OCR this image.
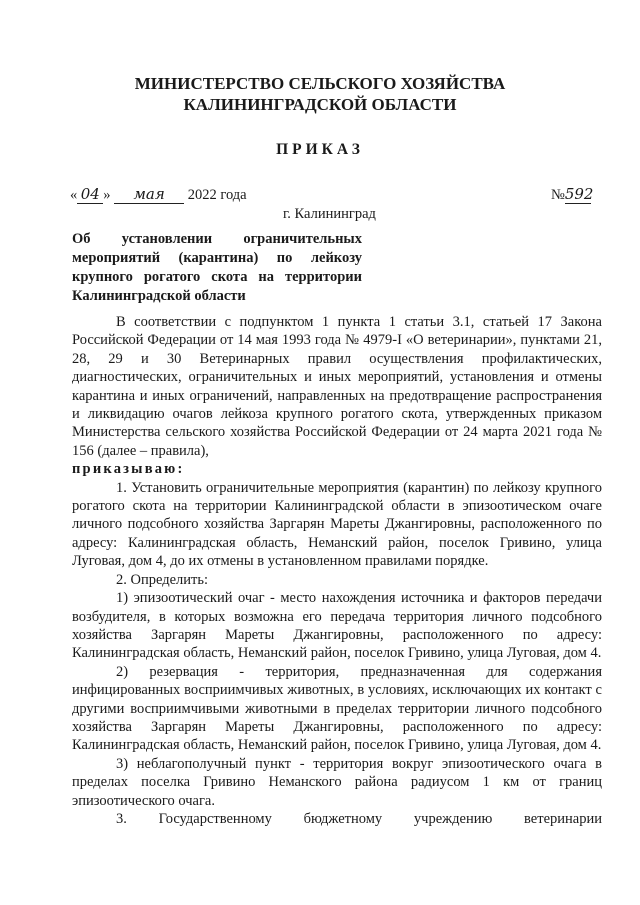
МИНИСТЕРСТВО СЕЛЬСКОГО ХОЗЯЙСТВА
КАЛИНИНГРАДСКОЙ ОБЛАСТИ
ПРИКАЗ
« 04 » мая 2022 года	№592
г. Калининград
Об установлении ограничительных мероприятий (карантина) по лейкозу крупного рогатого скота на территории Калининградской области

В соответствии с подпунктом 1 пункта 1 статьи 3.1, статьей 17 Закона Российской Федерации от 14 мая 1993 года № 4979-I «О ветеринарии», пунктами 21, 28, 29 и 30 Ветеринарных правил осуществления профилактических, диагностических, ограничительных и иных мероприятий, установления и отмены карантина и иных ограничений, направленных на предотвращение распространения и ликвидацию очагов лейкоза крупного рогатого скота, утвержденных приказом Министерства сельского хозяйства Российской Федерации от 24 марта 2021 года № 156 (далее – правила),

приказываю:

1. Установить ограничительные мероприятия (карантин) по лейкозу крупного рогатого скота на территории Калининградской области в эпизоотическом очаге личного подсобного хозяйства Заргарян Мареты Джангировны, расположенного по адресу: Калининградская область, Неманский район, поселок Гривино, улица Луговая, дом 4, до их отмены в установленном правилами порядке.

2. Определить:

1) эпизоотический очаг - место нахождения источника и факторов передачи возбудителя, в которых возможна его передача территория личного подсобного хозяйства Заргарян Мареты Джангировны, расположенного по адресу: Калининградская область, Неманский район, поселок Гривино, улица Луговая, дом 4.

2) резервация - территория, предназначенная для содержания инфицированных восприимчивых животных, в условиях, исключающих их контакт с другими восприимчивыми животными в пределах территории личного подсобного хозяйства Заргарян Мареты Джангировны, расположенного по адресу: Калининградская область, Неманский район, поселок Гривино, улица Луговая, дом 4.

3) неблагополучный пункт - территория вокруг эпизоотического очага в пределах поселка Гривино Неманского района радиусом 1 км от границ эпизоотического очага.

3. Государственному бюджетному учреждению ветеринарии
